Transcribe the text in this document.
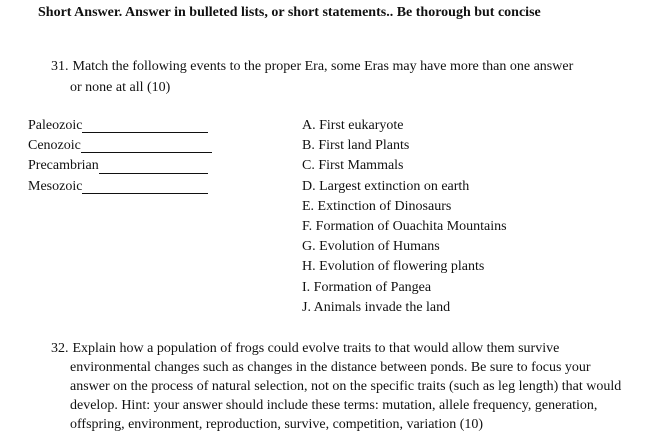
Short Answer. Answer in bulleted lists, or short statements.. Be thorough but concise
31. Match the following events to the proper Era, some Eras may have more than one answer
or none at all (10)
Paleozoic
Cenozoic
Precambrian
Mesozoic
A. First eukaryote
B. First land Plants
C. First Mammals
D. Largest extinction on earth
E. Extinction of Dinosaurs
F. Formation of Ouachita Mountains
G. Evolution of Humans
H. Evolution of flowering plants
I. Formation of Pangea
J. Animals invade the land
32. Explain how a population of frogs could evolve traits to that would allow them survive
environmental changes such as changes in the distance between ponds. Be sure to focus your
answer on the process of natural selection, not on the specific traits (such as leg length) that would
develop. Hint: your answer should include these terms: mutation, allele frequency, generation,
offspring, environment, reproduction, survive, competition, variation (10)
